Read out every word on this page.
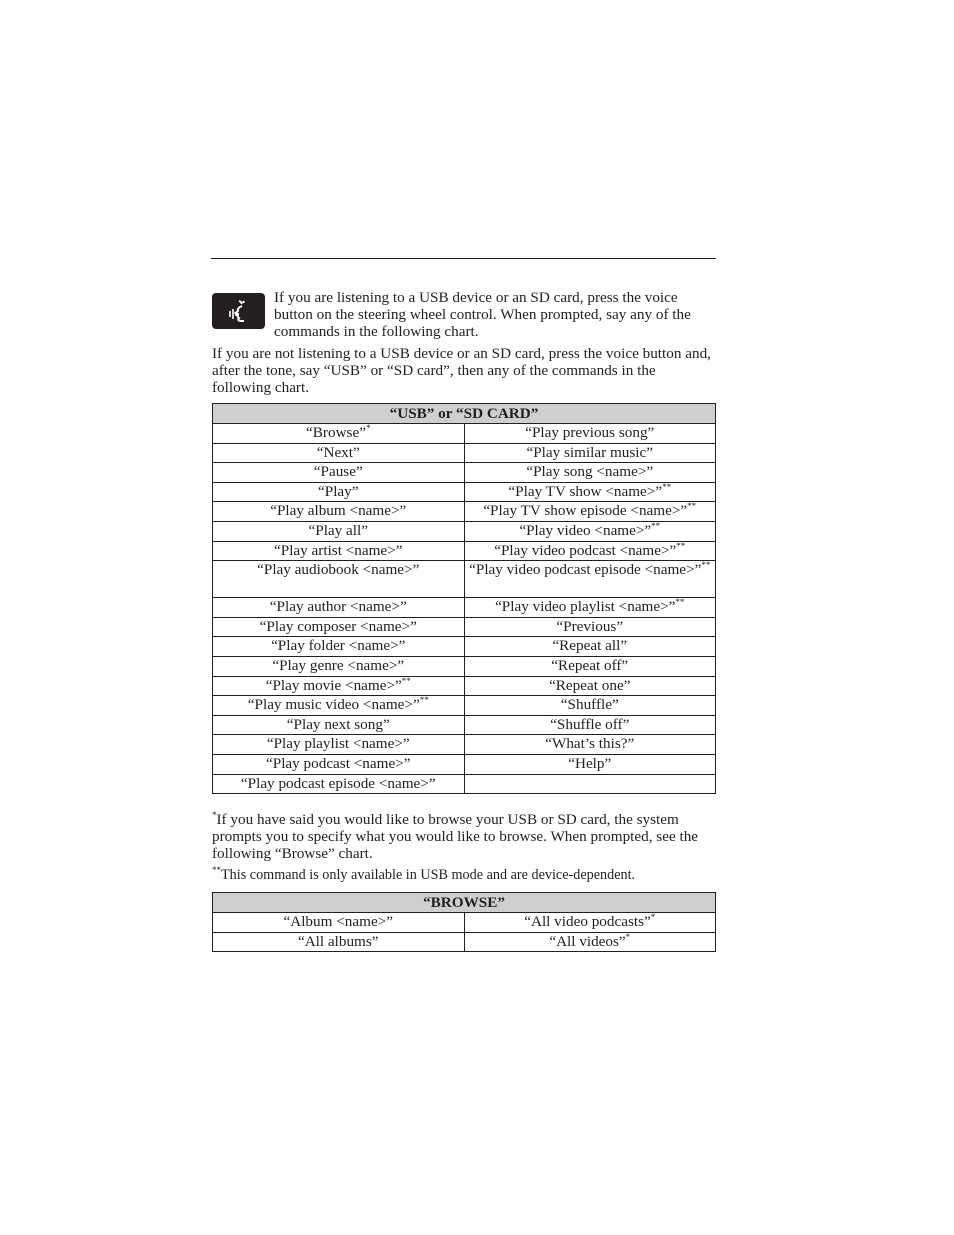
If you are listening to a USB device or an SD card, press the voice button on the steering wheel control. When prompted, say any of the commands in the following chart.
If you are not listening to a USB device or an SD card, press the voice button and, after the tone, say “USB” or “SD card”, then any of the commands in the following chart.
“USB” or “SD CARD”	
“Browse”*	“Play previous song”
“Next”	“Play similar music”
“Pause”	“Play song <name>”
“Play”	“Play TV show <name>”**
“Play album <name>”	“Play TV show episode <name>”**
“Play all”	“Play video <name>”**
“Play artist <name>”	“Play video podcast <name>”**
“Play audiobook <name>”	“Play video podcast episode <name>”**
“Play author <name>”	“Play video playlist <name>”**
“Play composer <name>”	“Previous”
“Play folder <name>”	“Repeat all”
“Play genre <name>”	“Repeat off”
“Play movie <name>”**	“Repeat one”
“Play music video <name>”**	“Shuffle”
“Play next song”	“Shuffle off”
“Play playlist <name>”	“What’s this?”
“Play podcast <name>”	“Help”
“Play podcast episode <name>”	
*If you have said you would like to browse your USB or SD card, the system prompts you to specify what you would like to browse. When prompted, see the following “Browse” chart.
**This command is only available in USB mode and are device-dependent.
“BROWSE”	
“Album <name>”	“All video podcasts”*
“All albums”	“All videos”*
